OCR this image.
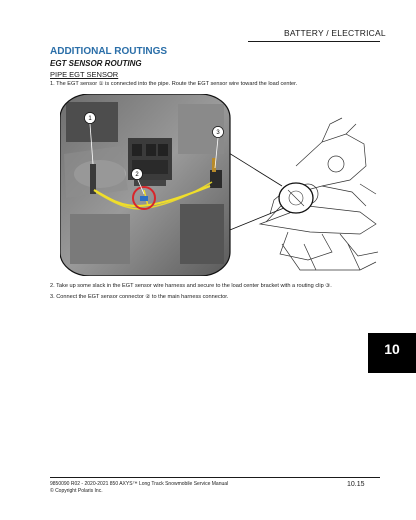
BATTERY / ELECTRICAL
ADDITIONAL ROUTINGS
EGT SENSOR ROUTING
PIPE EGT SENSOR
1. The EGT sensor ① is connected into the pipe. Route the EGT sensor wire toward the load center.
1
2
3
2. Take up some slack in the EGT sensor wire harness and secure to the load center bracket with a routing clip ③.
3. Connect the EGT sensor connector ② to the main harness connector.
10
9850090 R02 - 2020-2021 850 AXYS™ Long Track Snowmobile Service Manual
© Copyright Polaris Inc.
10.15
